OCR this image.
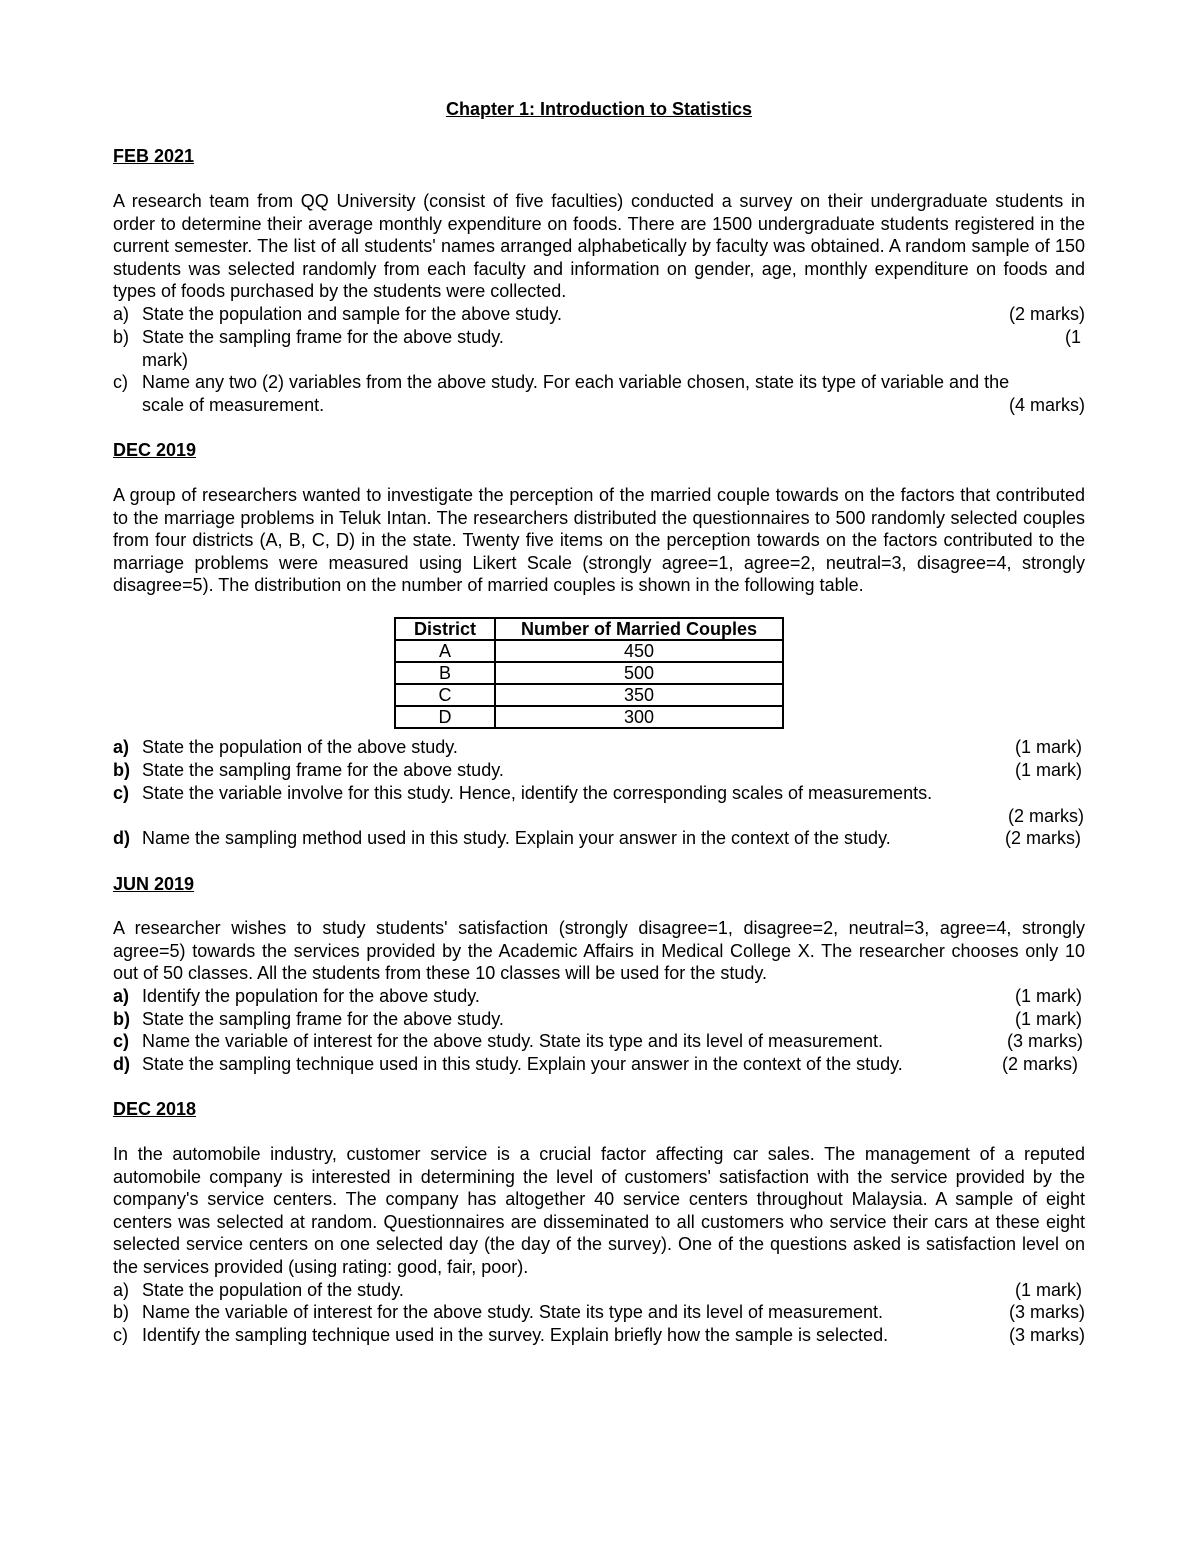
Chapter 1: Introduction to Statistics
FEB 2021

A research team from QQ University (consist of five faculties) conducted a survey on their undergraduate students in order to determine their average monthly expenditure on foods. There are 1500 undergraduate students registered in the current semester. The list of all students' names arranged alphabetically by faculty was obtained. A random sample of 150 students was selected randomly from each faculty and information on gender, age, monthly expenditure on foods and types of foods purchased by the students were collected.

a) State the population and sample for the above study.	(2 marks)
b) State the sampling frame for the above study.	(1
mark)
c) Name any two (2) variables from the above study. For each variable chosen, state its type of variable and the
scale of measurement.	(4 marks)
DEC 2019

A group of researchers wanted to investigate the perception of the married couple towards on the factors that contributed to the marriage problems in Teluk Intan. The researchers distributed the questionnaires to 500 randomly selected couples from four districts (A, B, C, D) in the state. Twenty five items on the perception towards on the factors contributed to the marriage problems were measured using Likert Scale (strongly agree=1, agree=2, neutral=3, disagree=4, strongly disagree=5). The distribution on the number of married couples is shown in the following table.

District	Number of Married Couples
A	450
B	500
C	350
D	300
a) State the population of the above study.	(1 mark)
b) State the sampling frame for the above study.	(1 mark)
c) State the variable involve for this study. Hence, identify the corresponding scales of measurements.
(2 marks)
d) Name the sampling method used in this study. Explain your answer in the context of the study.	(2 marks)
JUN 2019

A researcher wishes to study students' satisfaction (strongly disagree=1, disagree=2, neutral=3, agree=4, strongly agree=5) towards the services provided by the Academic Affairs in Medical College X. The researcher chooses only 10 out of 50 classes. All the students from these 10 classes will be used for the study.

a) Identify the population for the above study.	(1 mark)
b) State the sampling frame for the above study.	(1 mark)
c) Name the variable of interest for the above study. State its type and its level of measurement.	(3 marks)
d) State the sampling technique used in this study. Explain your answer in the context of the study.	(2 marks)
DEC 2018

In the automobile industry, customer service is a crucial factor affecting car sales. The management of a reputed automobile company is interested in determining the level of customers' satisfaction with the service provided by the company's service centers. The company has altogether 40 service centers throughout Malaysia. A sample of eight centers was selected at random. Questionnaires are disseminated to all customers who service their cars at these eight selected service centers on one selected day (the day of the survey). One of the questions asked is satisfaction level on the services provided (using rating: good, fair, poor).

a) State the population of the study.	(1 mark)
b) Name the variable of interest for the above study. State its type and its level of measurement.	(3 marks)
c) Identify the sampling technique used in the survey. Explain briefly how the sample is selected.	(3 marks)
